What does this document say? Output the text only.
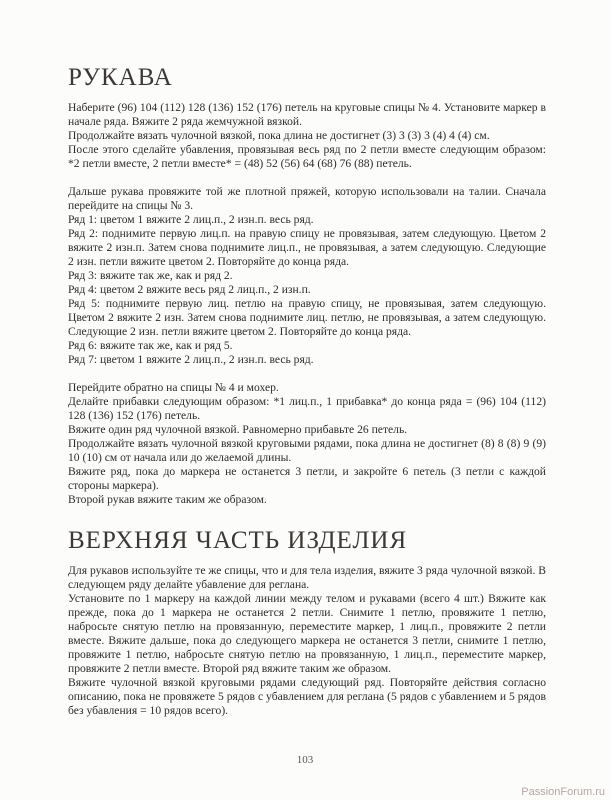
РУКАВА

Наберите (96) 104 (112) 128 (136) 152 (176) петель на круговые спицы № 4. Установите маркер в начале ряда. Вяжите 2 ряда жемчужной вязкой.

Продолжайте вязать чулочной вязкой, пока длина не достигнет (3) 3 (3) 3 (4) 4 (4) см.

После этого сделайте убавления, провязывая весь ряд по 2 петли вместе следующим образом: *2 петли вместе, 2 петли вместе* = (48) 52 (56) 64 (68) 76 (88) петель.

Дальше рукава провяжите той же плотной пряжей, которую использовали на талии. Сначала перейдите на спицы № 3.

Ряд 1: цветом 1 вяжите 2 лиц.п., 2 изн.п. весь ряд.

Ряд 2: поднимите первую лиц.п. на правую спицу не провязывая, затем следующую. Цветом 2 вяжите 2 изн.п. Затем снова поднимите лиц.п., не провязывая, а затем следующую. Следующие 2 изн. петли вяжите цветом 2. Повторяйте до конца ряда.

Ряд 3: вяжите так же, как и ряд 2.

Ряд 4: цветом 2 вяжите весь ряд 2 лиц.п., 2 изн.п.

Ряд 5: поднимите первую лиц. петлю на правую спицу, не провязывая, затем следующую. Цветом 2 вяжите 2 изн. Затем снова поднимите лиц. петлю, не провязывая, а затем следующую. Следующие 2 изн. петли вяжите цветом 2. Повторяйте до конца ряда.

Ряд 6: вяжите так же, как и ряд 5.

Ряд 7: цветом 1 вяжите 2 лиц.п., 2 изн.п. весь ряд.

Перейдите обратно на спицы № 4 и мохер.

Делайте прибавки следующим образом: *1 лиц.п., 1 прибавка* до конца ряда = (96) 104 (112) 128 (136) 152 (176) петель.

Вяжите один ряд чулочной вязкой. Равномерно прибавьте 26 петель.

Продолжайте вязать чулочной вязкой круговыми рядами, пока длина не достигнет (8) 8 (8) 9 (9) 10 (10) см от начала или до желаемой длины.

Вяжите ряд, пока до маркера не останется 3 петли, и закройте 6 петель (3 петли с каждой стороны маркера).

Второй рукав вяжите таким же образом.

ВЕРХНЯЯ ЧАСТЬ ИЗДЕЛИЯ

Для рукавов используйте те же спицы, что и для тела изделия, вяжите 3 ряда чулочной вязкой. В следующем ряду делайте убавление для реглана.

Установите по 1 маркеру на каждой линии между телом и рукавами (всего 4 шт.) Вяжите как прежде, пока до 1 маркера не останется 2 петли. Снимите 1 петлю, провяжите 1 петлю, набросьте снятую петлю на провязанную, переместите маркер, 1 лиц.п., провяжите 2 петли вместе. Вяжите дальше, пока до следующего маркера не останется 3 петли, снимите 1 петлю, провяжите 1 петлю, набросьте снятую петлю на провязанную, 1 лиц.п., переместите маркер, провяжите 2 петли вместе. Второй ряд вяжите таким же образом.

Вяжите чулочной вязкой круговыми рядами следующий ряд. Повторяйте действия согласно описанию, пока не провяжете 5 рядов с убавлением для реглана (5 рядов с убавлением и 5 рядов без убавления = 10 рядов всего).

103
PassionForum.ru
